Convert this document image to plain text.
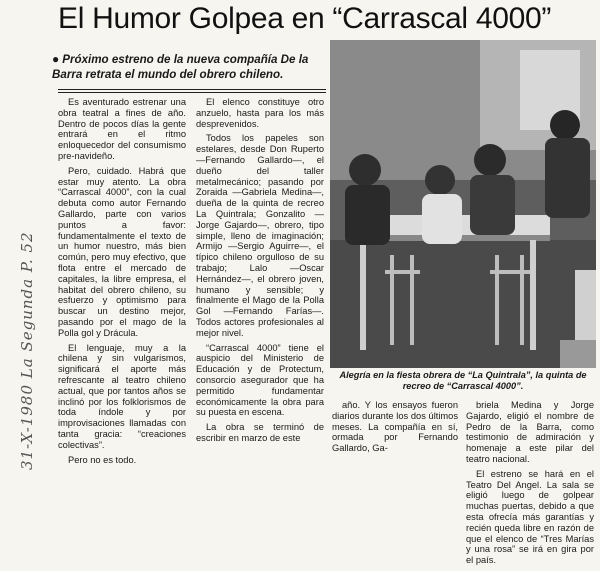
El Humor Golpea en “Carrascal 4000”
● Próximo estreno de la nueva compañía De la Barra retrata el mundo del obrero chileno.

Es aventurado estrenar una obra teatral a fines de año. Dentro de pocos días la gente entrará en el ritmo enloquecedor del consumismo pre-navideño.

Pero, cuidado. Habrá que estar muy atento. La obra “Carrascal 4000”, con la cual debuta como autor Fernando Gallardo, parte con varios puntos a favor: fundamentalmente el texto de un humor nuestro, más bien común, pero muy efectivo, que flota entre el mercado de capitales, la libre empresa, el habitat del obrero chileno, su esfuerzo y optimismo para buscar un destino mejor, pasando por el mago de la Polla gol y Drácula.

El lenguaje, muy a la chilena y sin vulgarismos, significará el aporte más refrescante al teatro chileno actual, que por tantos años se inclinó por los folklorismos de toda índole y por improvisaciones llamadas con tanta gracia: “creaciones colectivas”.

Pero no es todo.

El elenco constituye otro anzuelo, hasta para los más desprevenidos.

Todos los papeles son estelares, desde Don Ruperto —Fernando Gallardo—, el dueño del taller metalmecánico; pasando por Zoraida —Gabriela Medina—, dueña de la quinta de recreo La Quintrala; Gonzalito —Jorge Gajardo—, obrero, tipo simple, lleno de imaginación; Armijo —Sergio Aguirre—, el típico chileno orgulloso de su trabajo; Lalo —Oscar Hernández—, el obrero joven, humano y sensible; y finalmente el Mago de la Polla Gol —Fernando Farías—. Todos actores profesionales al mejor nivel.

“Carrascal 4000” tiene el auspicio del Ministerio de Educación y de Protectum, consorcio asegurador que ha permitido fundamentar económicamente la obra para su puesta en escena.

La obra se terminó de escribir en marzo de este

año. Y los ensayos fueron diarios durante los dos últimos meses. La compañía en sí, ormada por Fernando Gallardo, Ga-

briela Medina y Jorge Gajardo, eligió el nombre de Pedro de la Barra, como testimonio de admiración y homenaje a este pilar del teatro nacional.

El estreno se hará en el Teatro Del Angel. La sala se eligió luego de golpear muchas puertas, debido a que esta ofrecía más garantías y recién queda libre en razón de que el elenco de “Tres Marías y una rosa” se irá en gira por el país.

Alegría en la fiesta obrera de “La Quintrala”, la quinta de recreo de “Carrascal 4000”.
31-X-1980 La Segunda P. 52
